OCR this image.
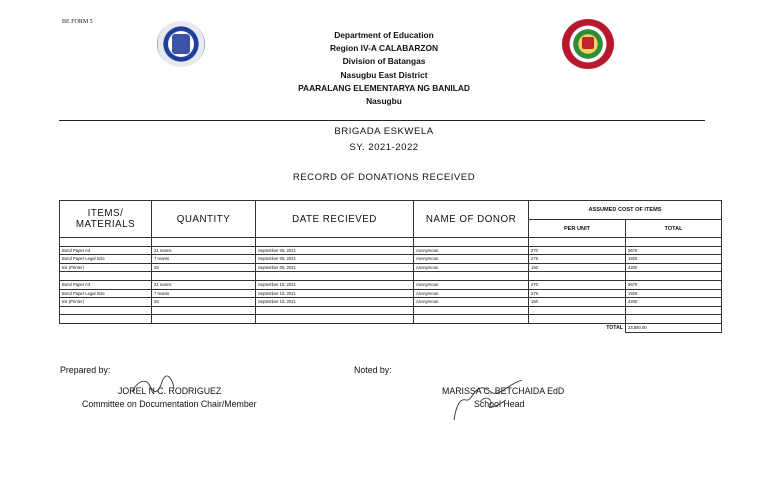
BE FORM 5
Department of Education
Region IV-A CALABARZON
Division of Batangas
Nasugbu East District
PAARALANG ELEMENTARYA NG BANILAD
Nasugbu
BRIGADA ESKWELA
SY. 2021-2022
RECORD OF DONATIONS RECEIVED
ITEMS/ MATERIALS	QUANTITY	DATE RECIEVED	NAME OF DONOR	ASSUMED COST OF ITEMS	
				PER UNIT	TOTAL

Bond Paper A4	21 reams	September 05, 2021	Anonymous	270	5670
Bond Paper Legal Size	7 reams	September 05, 2021	Anonymous	275	1925
Ink (Printer)	28	September 05, 2021	Anonymous	150	4200

Bond Paper A4	21 reams	September 10, 2021	Anonymous	270	5670
Bond Paper Legal Size	7 reams	September 10, 2021	Anonymous	275	1925
Ink (Printer)	28	September 10, 2021	Anonymous	150	4200

TOTAL					23,590.00
Prepared by:
JOREL N C. RODRIGUEZ
Committee on Documentation Chair/Member
Noted by:
MARISSA C. BETCHAIDA EdD
School Head
